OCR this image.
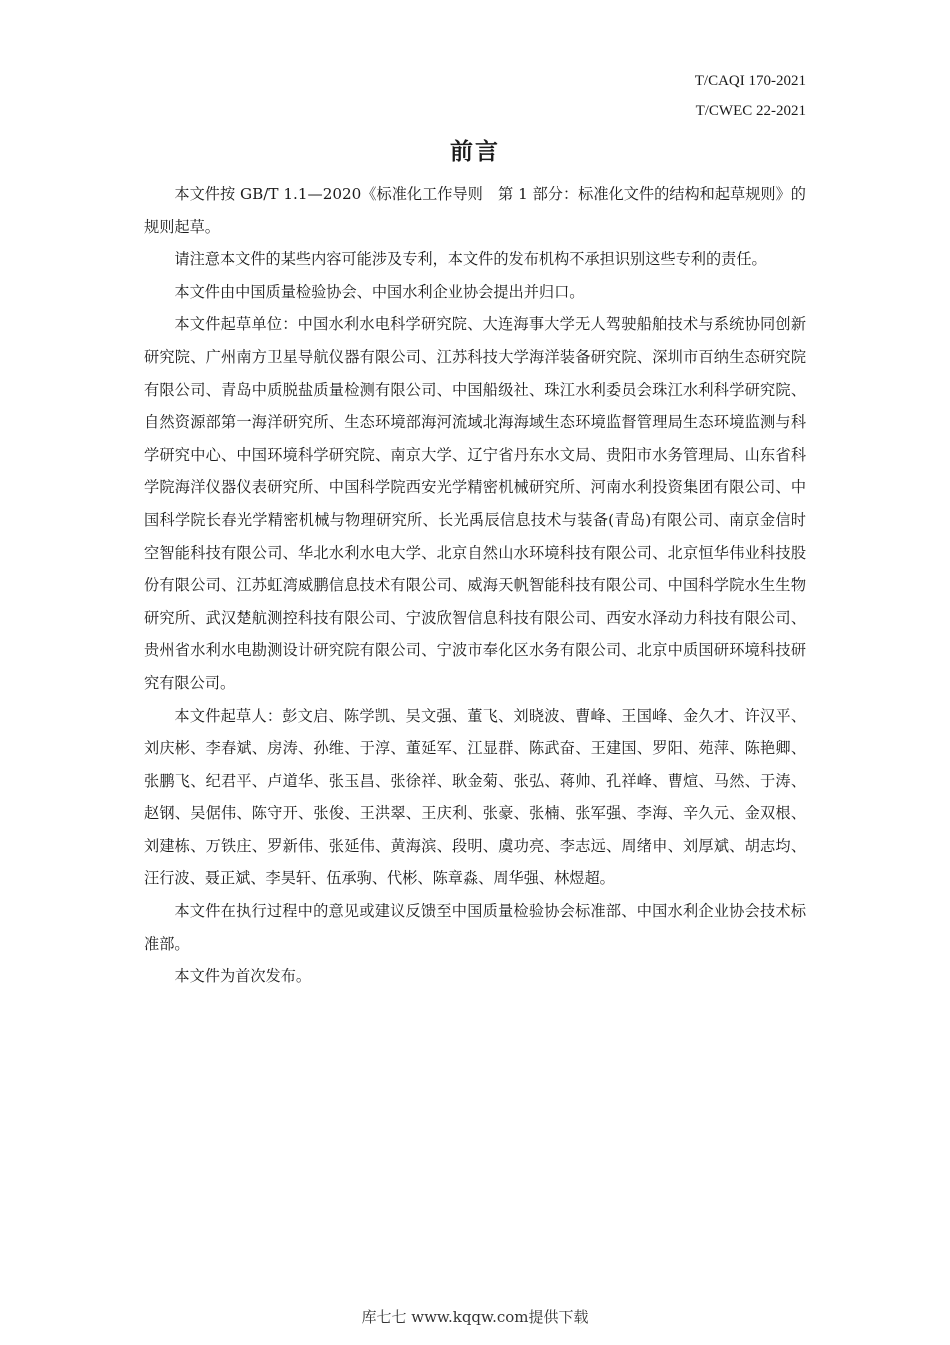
T/CAQI 170-2021
T/CWEC 22-2021
前言

本文件按 GB/T 1.1—2020《标准化工作导则　第 1 部分：标准化文件的结构和起草规则》的规则起草。

请注意本文件的某些内容可能涉及专利，本文件的发布机构不承担识别这些专利的责任。

本文件由中国质量检验协会、中国水利企业协会提出并归口。

本文件起草单位：中国水利水电科学研究院、大连海事大学无人驾驶船舶技术与系统协同创新研究院、广州南方卫星导航仪器有限公司、江苏科技大学海洋装备研究院、深圳市百纳生态研究院有限公司、青岛中质脱盐质量检测有限公司、中国船级社、珠江水利委员会珠江水利科学研究院、自然资源部第一海洋研究所、生态环境部海河流域北海海域生态环境监督管理局生态环境监测与科学研究中心、中国环境科学研究院、南京大学、辽宁省丹东水文局、贵阳市水务管理局、山东省科学院海洋仪器仪表研究所、中国科学院西安光学精密机械研究所、河南水利投资集团有限公司、中国科学院长春光学精密机械与物理研究所、长光禹辰信息技术与装备(青岛)有限公司、南京金信时空智能科技有限公司、华北水利水电大学、北京自然山水环境科技有限公司、北京恒华伟业科技股份有限公司、江苏虹湾威鹏信息技术有限公司、威海天帆智能科技有限公司、中国科学院水生生物研究所、武汉楚航测控科技有限公司、宁波欣智信息科技有限公司、西安水泽动力科技有限公司、贵州省水利水电勘测设计研究院有限公司、宁波市奉化区水务有限公司、北京中质国研环境科技研究有限公司。

本文件起草人：彭文启、陈学凯、吴文强、董飞、刘晓波、曹峰、王国峰、金久才、许汉平、刘庆彬、李春斌、房涛、孙维、于淳、董延军、江显群、陈武奋、王建国、罗阳、苑萍、陈艳卿、张鹏飞、纪君平、卢道华、张玉昌、张徐祥、耿金菊、张弘、蒋帅、孔祥峰、曹煊、马然、于涛、赵钢、吴倨伟、陈守开、张俊、王洪翠、王庆利、张豪、张楠、张军强、李海、辛久元、金双根、刘建栋、万铁庄、罗新伟、张延伟、黄海滨、段明、虞功亮、李志远、周绪申、刘厚斌、胡志均、汪行波、聂正斌、李昊轩、伍承驹、代彬、陈章淼、周华强、林煜超。

本文件在执行过程中的意见或建议反馈至中国质量检验协会标准部、中国水利企业协会技术标准部。

本文件为首次发布。

库七七 www.kqqw.com提供下载
